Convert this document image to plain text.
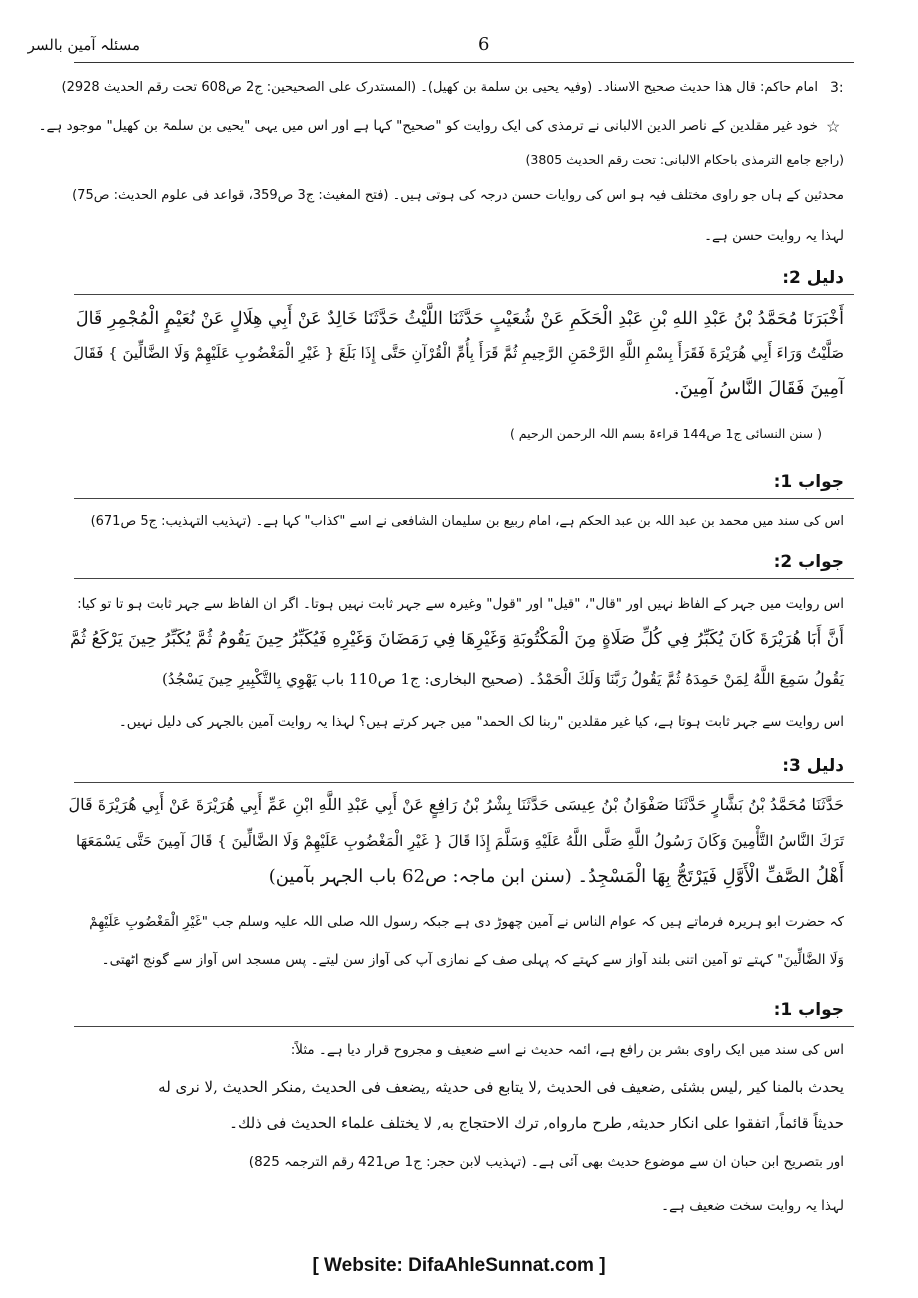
مسئلہ آمین بالسر	6
3:
امام حاکم: قال هذا حديث صحيح الاسناد۔ (وفيہ يحيى بن سلمة بن كهيل)۔ (المستدرک علی الصحیحین: ج2 ص608 تحت رقم الحدیث 2928)
☆
خود غیر مقلدین کے ناصر الدین الالبانی نے ترمذی کی ایک روایت کو "صحیح" کہا ہے اور اس میں یہی "یحیی بن سلمۃ بن کھیل" موجود ہے۔
(راجع جامع الترمذی باحکام الالبانی: تحت رقم الحدیث 3805)
محدثین کے ہاں جو راوی مختلف فیہ ہو اس کی روایات حسن درجہ کی ہوتی ہیں۔ (فتح المغیث: ج3 ص359، قواعد فی علوم الحدیث: ص75)
لہذا یہ روایت حسن ہے۔
دلیل 2:
أَخْبَرَنَا مُحَمَّدُ بْنُ عَبْدِ اللهِ بْنِ عَبْدِ الْحَكَمِ عَنْ شُعَيْبٍ حَدَّثَنَا اللَّيْثُ حَدَّثَنَا خَالِدٌ عَنْ أَبِي هِلَالٍ عَنْ نُعَيْمٍ الْمُجْمِرِ قَالَ
صَلَّيْتُ وَرَاءَ أَبِي هُرَيْرَةَ فَقَرَأَ بِسْمِ اللَّهِ الرَّحْمَنِ الرَّحِيمِ ثُمَّ قَرَأَ بِأُمِّ الْقُرْآنِ حَتَّى إِذَا بَلَغَ { غَيْرِ الْمَغْضُوبِ عَلَيْهِمْ وَلَا الضَّالِّينَ } فَقَالَ
آمِينَ فَقَالَ النَّاسُ آمِينَ.
( سنن النسائی ج1 ص144 قراءۃ بسم اللہ الرحمن الرحیم )
جواب 1:
اس کی سند میں محمد بن عبد اللہ بن عبد الحکم ہے، امام ربیع بن سلیمان الشافعی نے اسے "کذاب" کہا ہے۔ (تہذیب التہذیب: ج5 ص671)
جواب 2:
اس روایت میں جہر کے الفاظ نہیں اور "قال"، "قیل" اور "قول" وغیرہ سے جہر ثابت نہیں ہوتا۔ اگر ان الفاظ سے جہر ثابت ہو تا تو کیا:
أَنَّ أَبَا هُرَيْرَةَ كَانَ يُكَبِّرُ فِي كُلِّ صَلَاةٍ مِنَ الْمَكْتُوبَةِ وَغَيْرِهَا فِي رَمَضَانَ وَغَيْرِهِ فَيُكَبِّرُ حِينَ يَقُومُ ثُمَّ يُكَبِّرُ حِينَ يَرْكَعُ ثُمَّ
يَقُولُ سَمِعَ اللَّهُ لِمَنْ حَمِدَهُ ثُمَّ يَقُولُ رَبَّنَا وَلَكَ الْحَمْدُ۔ (صحیح البخاری: ج1 ص110 باب يَهْوِي بِالتَّكْبِيرِ حِينَ يَسْجُدُ)
اس روایت سے جہر ثابت ہوتا ہے، کیا غیر مقلدین "ربنا لک الحمد" میں جہر کرتے ہیں؟ لہذا یہ روایت آمین بالجہر کی دلیل نہیں۔
دلیل 3:
حَدَّثَنَا مُحَمَّدُ بْنُ بَشَّارٍ حَدَّثَنَا صَفْوَانُ بْنُ عِيسَى حَدَّثَنَا بِشْرُ بْنُ رَافِعٍ عَنْ أَبِي عَبْدِ اللَّهِ ابْنِ عَمِّ أَبِي هُرَيْرَةَ عَنْ أَبِي هُرَيْرَةَ قَالَ
تَرَكَ النَّاسُ التَّأْمِينَ وَكَانَ رَسُولُ اللَّهِ صَلَّى اللَّهُ عَلَيْهِ وَسَلَّمَ إِذَا قَالَ { غَيْرِ الْمَغْضُوبِ عَلَيْهِمْ وَلَا الضَّالِّينَ } قَالَ آمِينَ حَتَّى يَسْمَعَهَا
أَهْلُ الصَّفِّ الْأَوَّلِ فَيَرْتَجُّ بِهَا الْمَسْجِدُ۔ (سنن ابن ماجہ: ص62 باب الجہر بآمین)
کہ حضرت ابو ہریرہ فرماتے ہیں کہ عوام الناس نے آمین چھوڑ دی ہے جبکہ رسول اللہ صلی اللہ علیہ وسلم جب "غَيْرِ الْمَغْضُوبِ عَلَيْهِمْ
وَلَا الضَّالِّينَ" کہتے تو آمین اتنی بلند آواز سے کہتے کہ پہلی صف کے نمازی آپ کی آواز سن لیتے۔ پس مسجد اس آواز سے گونج اٹھتی۔
جواب 1:
اس کی سند میں ایک راوی بشر بن رافع ہے، ائمہ حدیث نے اسے ضعیف و مجروح قرار دیا ہے۔ مثلاً:
يحدث بالمنا كير ,ليس بشئى ,ضعيف فى الحديث ,لا يتابع فى حديثه ,يضعف فى الحديث ,منكر الحديث ,لا نرى له
حديثاً قائماً, اتفقوا على انكار حديثه, طرح مارواه, ترك الاحتجاج به, لا يختلف علماء الحديث فى ذلك۔
اور بتصریح ابن حبان ان سے موضوع حدیث بھی آئی ہے۔ (تہذیب لابن حجر: ج1 ص421 رقم الترجمہ 825)
لہذا یہ روایت سخت ضعیف ہے۔
[ Website: DifaAhleSunnat.com ]
